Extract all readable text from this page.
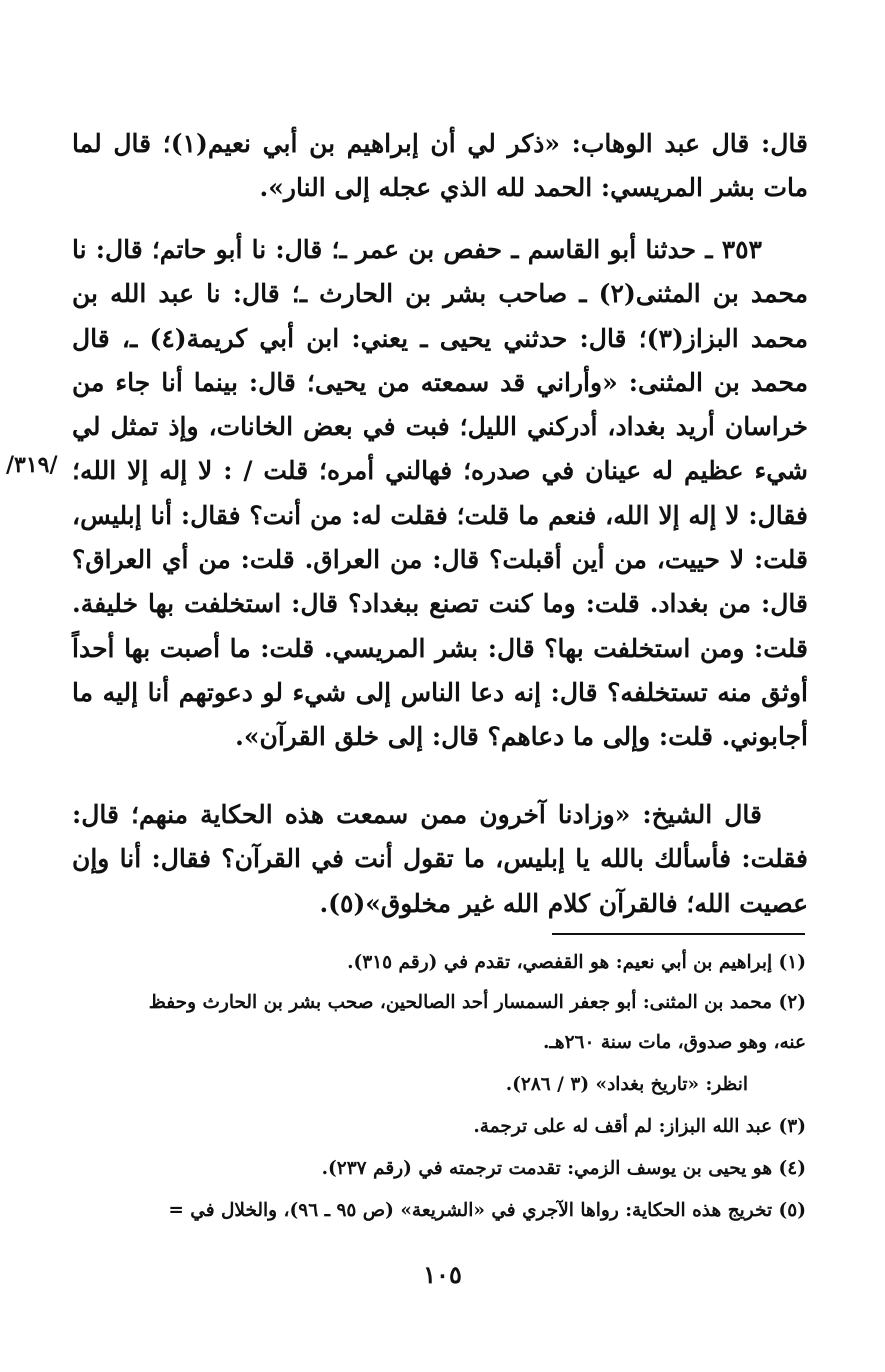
قال: قال عبد الوهاب: «ذكر لي أن إبراهيم بن أبي نعيم(١)؛ قال لما مات بشر المريسي: الحمد لله الذي عجله إلى النار».

٣٥٣ ـ حدثنا أبو القاسم ـ حفص بن عمر ـ؛ قال: نا أبو حاتم؛ قال: نا محمد بن المثنى(٢) ـ صاحب بشر بن الحارث ـ؛ قال: نا عبد الله بن محمد البزاز(٣)؛ قال: حدثني يحيى ـ يعني: ابن أبي كريمة(٤) ـ، قال محمد بن المثنى: «وأراني قد سمعته من يحيى؛ قال: بينما أنا جاء من خراسان أريد بغداد، أدركني الليل؛ فبت في بعض الخانات، وإذ تمثل لي شيء عظيم له عينان في صدره؛ فهالني أمره؛ قلت / : لا إله إلا الله؛ فقال: لا إله إلا الله، فنعم ما قلت؛ فقلت له: من أنت؟ فقال: أنا إبليس، قلت: لا حييت، من أين أقبلت؟ قال: من العراق. قلت: من أي العراق؟ قال: من بغداد. قلت: وما كنت تصنع ببغداد؟ قال: استخلفت بها خليفة. قلت: ومن استخلفت بها؟ قال: بشر المريسي. قلت: ما أصبت بها أحداً أوثق منه تستخلفه؟ قال: إنه دعا الناس إلى شيء لو دعوتهم أنا إليه ما أجابوني. قلت: وإلى ما دعاهم؟ قال: إلى خلق القرآن».

قال الشيخ: «وزادنا آخرون ممن سمعت هذه الحكاية منهم؛ قال: فقلت: فأسألك بالله يا إبليس، ما تقول أنت في القرآن؟ فقال: أنا وإن عصيت الله؛ فالقرآن كلام الله غير مخلوق»(٥).

/٣١٩/
(١) إبراهيم بن أبي نعيم: هو القفصي، تقدم في (رقم ٣١٥).
(٢) محمد بن المثنى: أبو جعفر السمسار أحد الصالحين، صحب بشر بن الحارث وحفظ
عنه، وهو صدوق، مات سنة ٢٦٠هـ.
انظر: «تاريخ بغداد» (٣ / ٢٨٦).
(٣) عبد الله البزاز: لم أقف له على ترجمة.
(٤) هو يحيى بن يوسف الزمي: تقدمت ترجمته في (رقم ٢٣٧).
(٥) تخريج هذه الحكاية: رواها الآجري في «الشريعة» (ص ٩٥ ـ ٩٦)، والخلال في =
١٠٥
